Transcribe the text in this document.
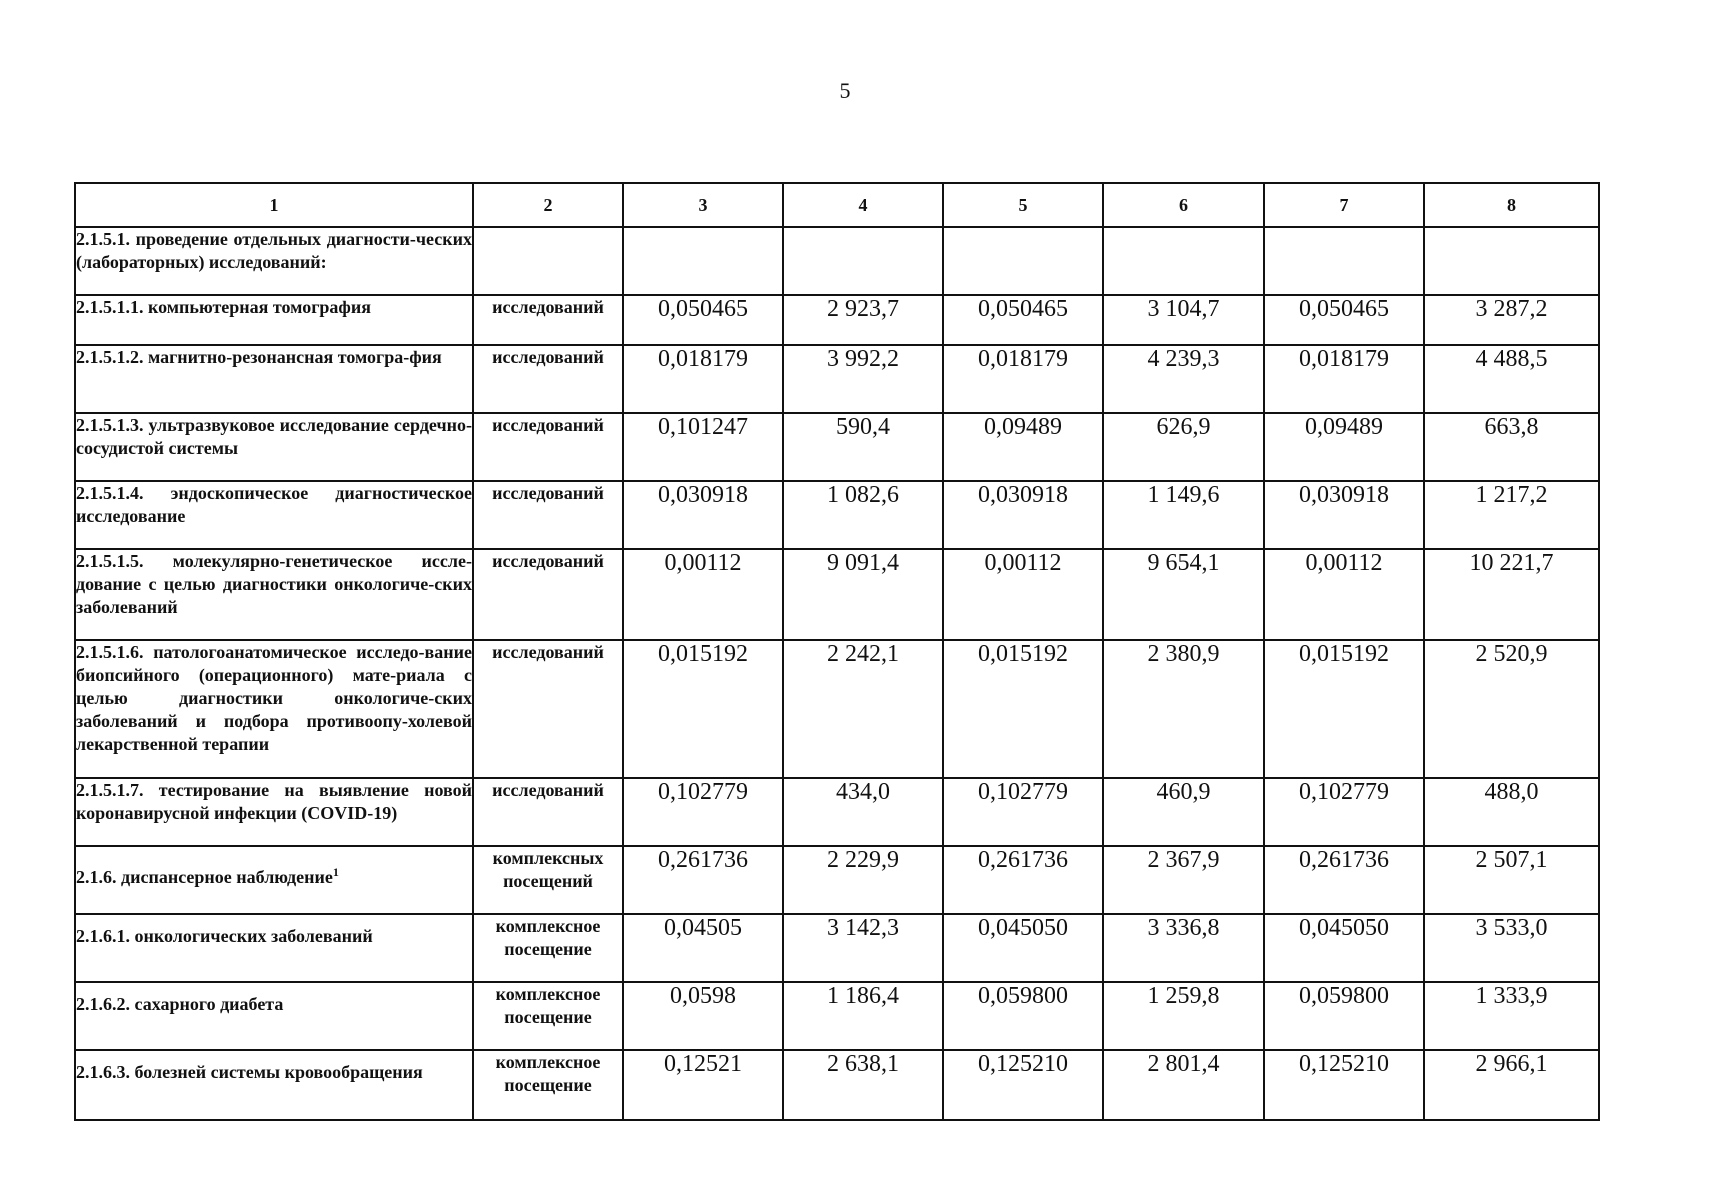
5
1	2	3	4	5	6	7	8
2.1.5.1. проведение отдельных диагности-ческих (лабораторных) исследований:							
2.1.5.1.1. компьютерная томография	исследований	0,050465	2 923,7	0,050465	3 104,7	0,050465	3 287,2
2.1.5.1.2. магнитно-резонансная томогра-фия	исследований	0,018179	3 992,2	0,018179	4 239,3	0,018179	4 488,5
2.1.5.1.3. ультразвуковое исследование сердечно-сосудистой системы	исследований	0,101247	590,4	0,09489	626,9	0,09489	663,8
2.1.5.1.4. эндоскопическое диагностическое исследование	исследований	0,030918	1 082,6	0,030918	1 149,6	0,030918	1 217,2
2.1.5.1.5. молекулярно-генетическое иссле-дование с целью диагностики онкологиче-ских заболеваний	исследований	0,00112	9 091,4	0,00112	9 654,1	0,00112	10 221,7
2.1.5.1.6. патологоанатомическое исследо-вание биопсийного (операционного) мате-риала с целью диагностики онкологиче-ских заболеваний и подбора противоопу-холевой лекарственной терапии	исследований	0,015192	2 242,1	0,015192	2 380,9	0,015192	2 520,9
2.1.5.1.7. тестирование на выявление новой коронавирусной инфекции (COVID-19)	исследований	0,102779	434,0	0,102779	460,9	0,102779	488,0
2.1.6. диспансерное наблюдение$^1$	комплексных посещений	0,261736	2 229,9	0,261736	2 367,9	0,261736	2 507,1
2.1.6.1. онкологических заболеваний	комплексное посещение	0,04505	3 142,3	0,045050	3 336,8	0,045050	3 533,0
2.1.6.2. сахарного диабета	комплексное посещение	0,0598	1 186,4	0,059800	1 259,8	0,059800	1 333,9
2.1.6.3. болезней системы кровообращения	комплексное посещение	0,12521	2 638,1	0,125210	2 801,4	0,125210	2 966,1
